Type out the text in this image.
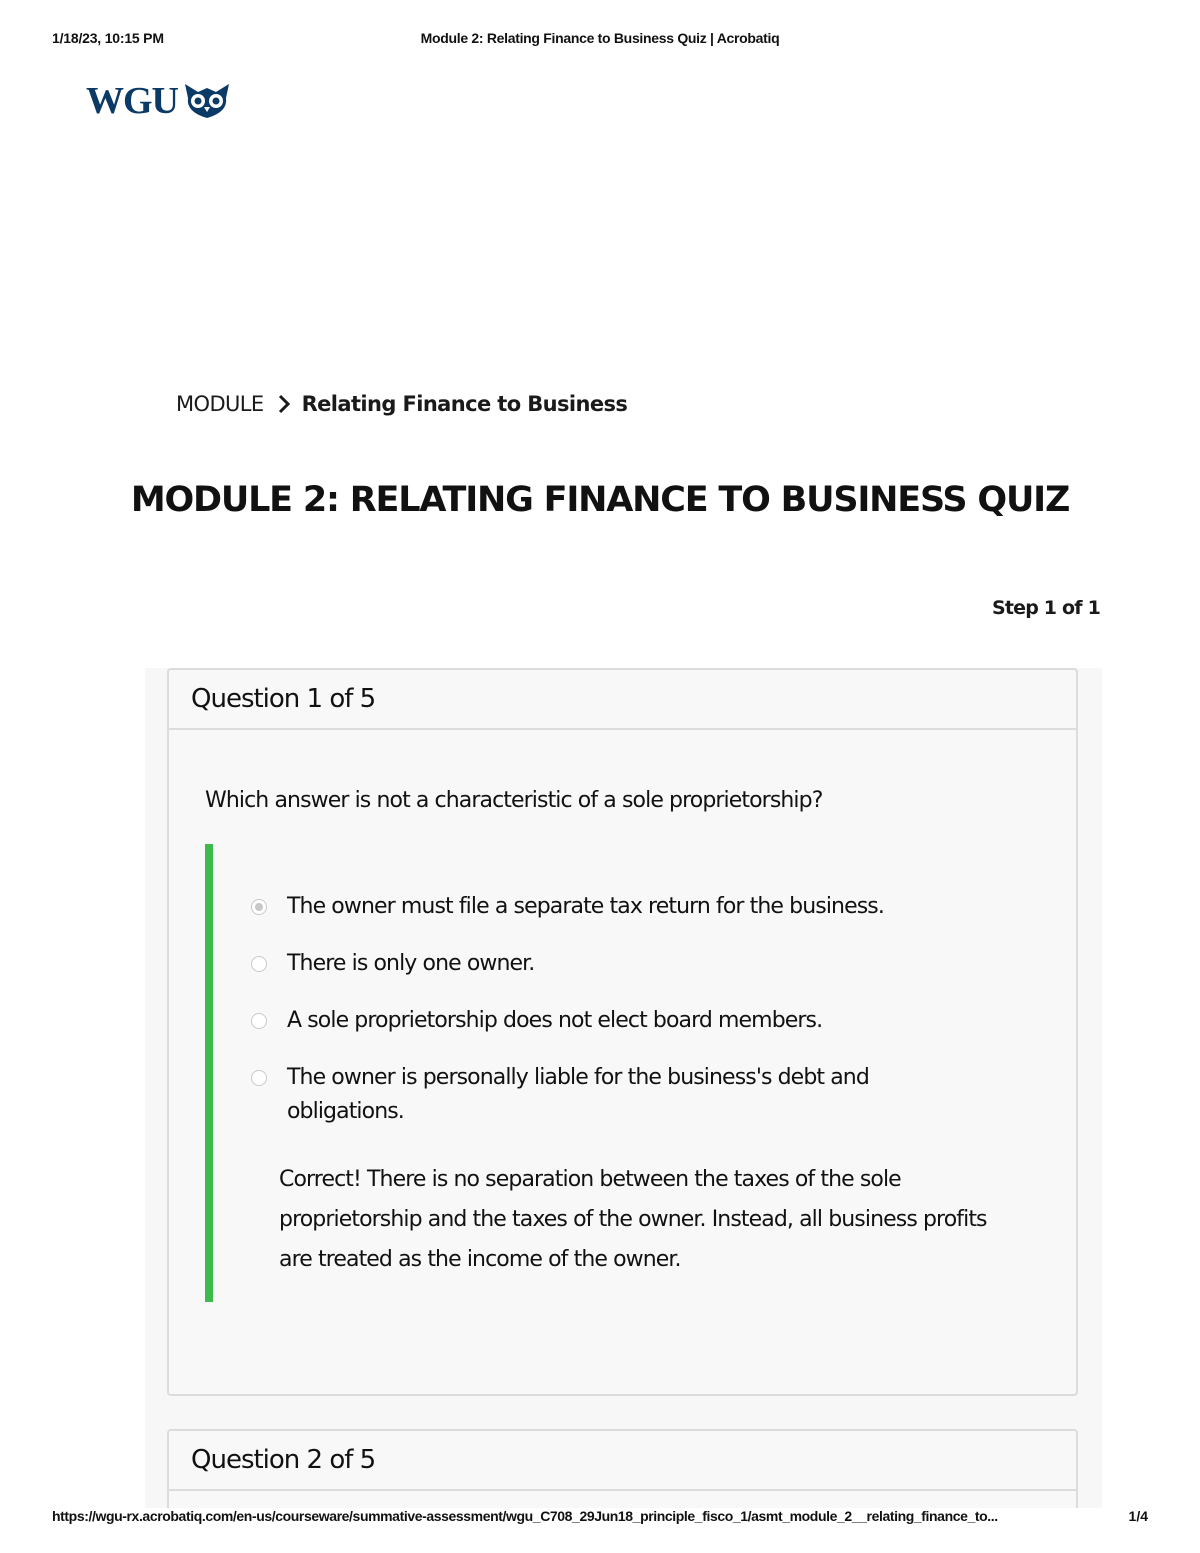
1/18/23, 10:15 PM	Module 2: Relating Finance to Business Quiz | Acrobatiq
WGU
MODULE Relating Finance to Business
MODULE 2: RELATING FINANCE TO BUSINESS QUIZ
Step 1 of 1
Question 1 of 5
Which answer is not a characteristic of a sole proprietorship?
The owner must file a separate tax return for the business.
There is only one owner.
A sole proprietorship does not elect board members.
The owner is personally liable for the business's debt and obligations.
Correct! There is no separation between the taxes of the sole proprietorship and the taxes of the owner. Instead, all business profits are treated as the income of the owner.
Question 2 of 5
https://wgu-rx.acrobatiq.com/en-us/courseware/summative-assessment/wgu_C708_29Jun18_principle_fisco_1/asmt_module_2__relating_finance_to...	1/4
